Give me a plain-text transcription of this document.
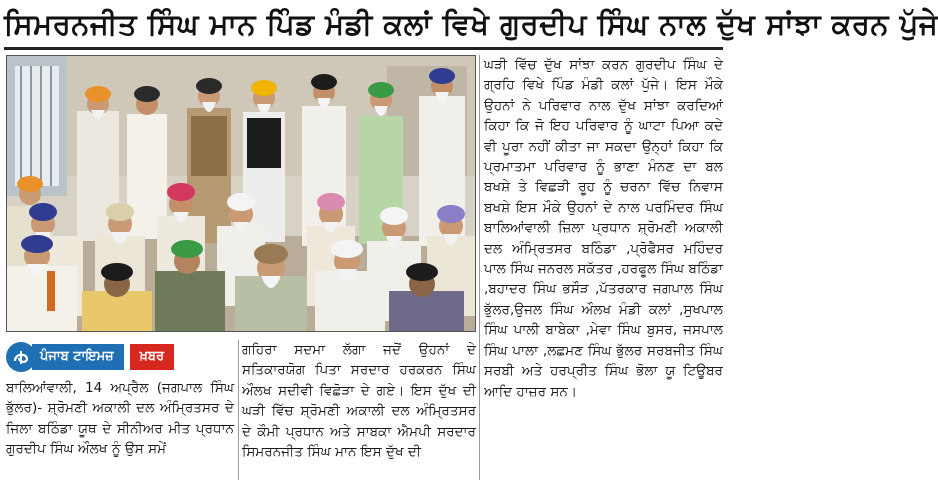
ਸਿਮਰਨਜੀਤ ਸਿੰਘ ਮਾਨ ਪਿੰਡ ਮੰਡੀ ਕਲਾਂ ਵਿਖੇ ਗੁਰਦੀਪ ਸਿੰਘ ਨਾਲ ਦੁੱਖ ਸਾਂਝਾ ਕਰਨ ਪੁੱਜੇ
ਪੰਜਾਬ ਟਾਇਮਜ਼	ਖ਼ਬਰ
ਬਾਲਿਆਂਵਾਲੀ, 14 ਅਪ੍ਰੈਲ (ਜਗਪਾਲ ਸਿੰਘ ਭੁੱਲਰ)- ਸ਼੍ਰੋਮਣੀ ਅਕਾਲੀ ਦਲ ਅੰਮ੍ਰਿਤਸਰ ਦੇ ਜਿਲਾ ਬਠਿੰਡਾ ਯੂਥ ਦੇ ਸੀਨੀਅਰ ਮੀਤ ਪ੍ਰਧਾਨ ਗੁਰਦੀਪ ਸਿੰਘ ਔਲਖ ਨੂੰ ਉਸ ਸਮੇਂ
ਗਹਿਰਾ ਸਦਮਾ ਲੱਗਾ ਜਦੋਂ ਉਹਨਾਂ ਦੇ ਸਤਿਕਾਰਯੋਗ ਪਿਤਾ ਸਰਦਾਰ ਹਰਕਰਨ ਸਿੰਘ ਔਲਖ ਸਦੀਵੀ ਵਿਛੋੜਾ ਦੇ ਗਏ। ਇਸ ਦੁੱਖ ਦੀ ਘੜੀ ਵਿੱਚ ਸ਼੍ਰੋਮਣੀ ਅਕਾਲੀ ਦਲ ਅੰਮ੍ਰਿਤਸਰ ਦੇ ਕੌਮੀ ਪ੍ਰਧਾਨ ਅਤੇ ਸਾਬਕਾ ਐਮਪੀ ਸਰਦਾਰ ਸਿਮਰਨਜੀਤ ਸਿੰਘ ਮਾਨ ਇਸ ਦੁੱਖ ਦੀ
ਘੜੀ ਵਿੱਚ ਦੁੱਖ ਸਾਂਝਾ ਕਰਨ ਗੁਰਦੀਪ ਸਿੰਘ ਦੇ ਗ੍ਰਹਿ ਵਿਖੇ ਪਿੰਡ ਮੰਡੀ ਕਲਾਂ ਪੁੱਜੇ। ਇਸ ਮੌਕੇ ਉਹਨਾਂ ਨੇ ਪਰਿਵਾਰ ਨਾਲ ਦੁੱਖ ਸਾਂਝਾ ਕਰਦਿਆਂ ਕਿਹਾ ਕਿ ਜੋ ਇਹ ਪਰਿਵਾਰ ਨੂੰ ਘਾਟਾ ਪਿਆ ਕਦੇ ਵੀ ਪੂਰਾ ਨਹੀਂ ਕੀਤਾ ਜਾ ਸਕਦਾ ਉਨ੍ਹਾਂ ਕਿਹਾ ਕਿ ਪ੍ਰਮਾਤਮਾ ਪਰਿਵਾਰ ਨੂੰ ਭਾਣਾ ਮੰਨਣ ਦਾ ਬਲ ਬਖਸ਼ੇ ਤੇ ਵਿਛੜੀ ਰੂਹ ਨੂੰ ਚਰਨਾ ਵਿੱਚ ਨਿਵਾਸ ਬਖਸ਼ੇ ਇਸ ਮੌਕੇ ਉਹਨਾਂ ਦੇ ਨਾਲ ਪਰਮਿੰਦਰ ਸਿੰਘ ਬਾਲਿਆਂਵਾਲੀ ਜ਼ਿਲਾ ਪ੍ਰਧਾਨ ਸ਼੍ਰੋਮਣੀ ਅਕਾਲੀ ਦਲ ਅੰਮ੍ਰਿਤਸਰ ਬਠਿੰਡਾ ,ਪ੍ਰੋਫੈਸਰ ਮਹਿੰਦਰ ਪਾਲ ਸਿੰਘ ਜਨਰਲ ਸਕੱਤਰ ,ਹਰਫੂਲ ਸਿੰਘ ਬਠਿੰਡਾ ,ਬਹਾਦਰ ਸਿੰਘ ਭਸੌੜ ,ਪੱਤਰਕਾਰ ਜਗਪਾਲ ਸਿੰਘ ਭੁੱਲਰ,ਉਜਲ ਸਿੰਘ ਔਲਖ ਮੰਡੀ ਕਲਾਂ ,ਸੁਖਪਾਲ ਸਿੰਘ ਪਾਲੀ ਬਾਬੇਕਾ ,ਮੇਵਾ ਸਿੰਘ ਬੁਸਰ, ਜਸਪਾਲ ਸਿੰਘ ਪਾਲਾ ,ਲਛਮਣ ਸਿੰਘ ਭੁੱਲਰ ਸਰਬਜੀਤ ਸਿੰਘ ਸਰਬੀ ਅਤੇ ਹਰਪ੍ਰੀਤ ਸਿੰਘ ਭੋਲਾ ਯੂ ਟਿਊਬਰ ਆਦਿ ਹਾਜ਼ਰ ਸਨ।
